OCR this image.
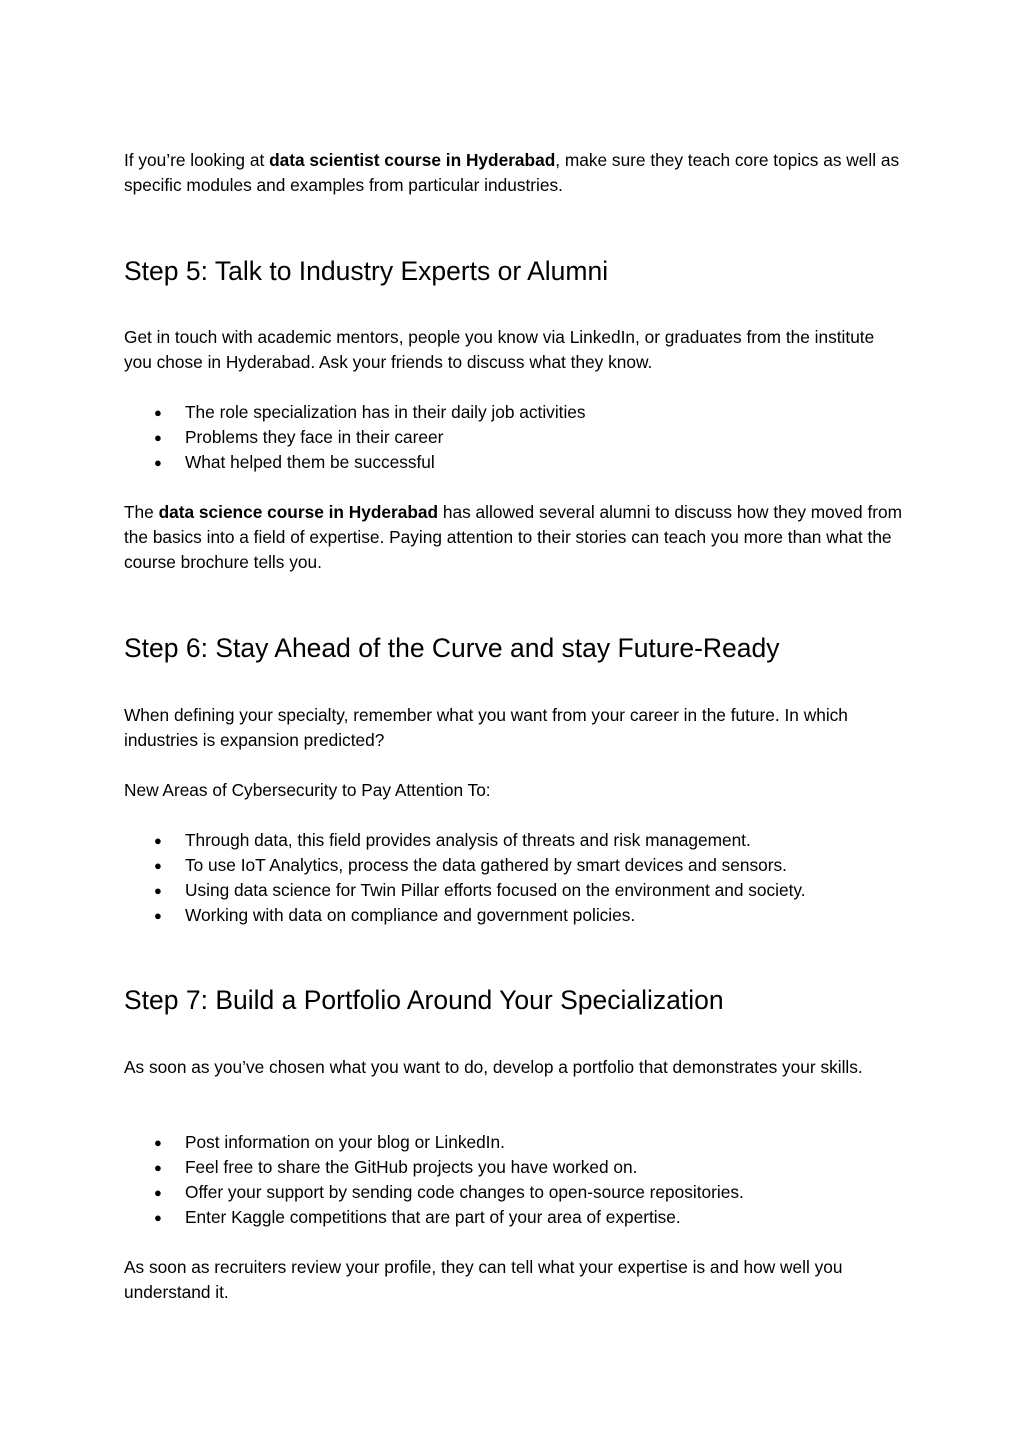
If you’re looking at data scientist course in Hyderabad, make sure they teach core topics as well as specific modules and examples from particular industries.
Step 5: Talk to Industry Experts or Alumni
Get in touch with academic mentors, people you know via LinkedIn, or graduates from the institute you chose in Hyderabad. Ask your friends to discuss what they know.
● The role specialization has in their daily job activities
● Problems they face in their career
● What helped them be successful
The data science course in Hyderabad has allowed several alumni to discuss how they moved from the basics into a field of expertise. Paying attention to their stories can teach you more than what the course brochure tells you.
Step 6: Stay Ahead of the Curve and stay Future-Ready
When defining your specialty, remember what you want from your career in the future. In which industries is expansion predicted?
New Areas of Cybersecurity to Pay Attention To:
● Through data, this field provides analysis of threats and risk management.
● To use IoT Analytics, process the data gathered by smart devices and sensors.
● Using data science for Twin Pillar efforts focused on the environment and society.
● Working with data on compliance and government policies.
Step 7: Build a Portfolio Around Your Specialization
As soon as you’ve chosen what you want to do, develop a portfolio that demonstrates your skills.
● Post information on your blog or LinkedIn.
● Feel free to share the GitHub projects you have worked on.
● Offer your support by sending code changes to open-source repositories.
● Enter Kaggle competitions that are part of your area of expertise.
As soon as recruiters review your profile, they can tell what your expertise is and how well you understand it.
